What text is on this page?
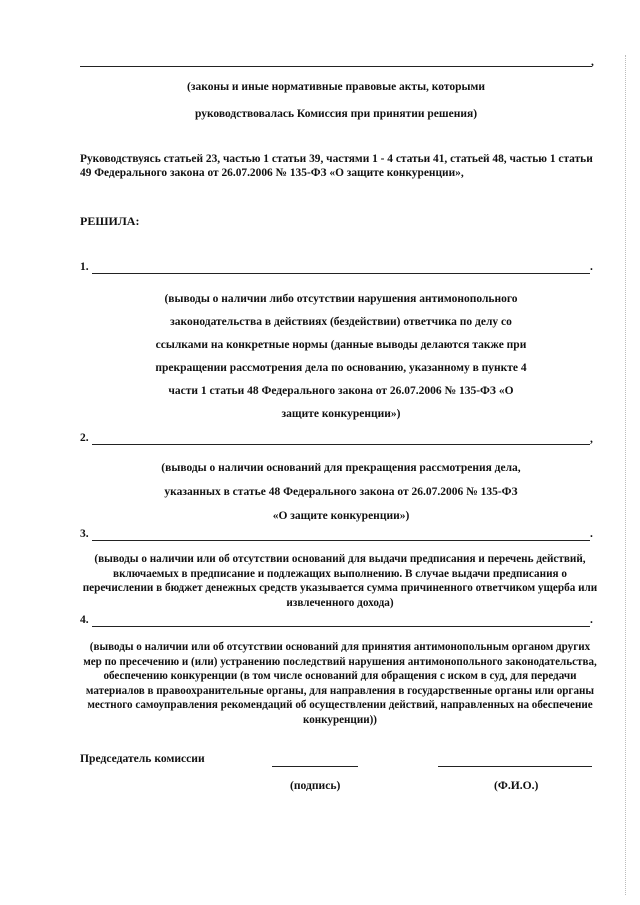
,
(законы и иные нормативные правовые акты, которыми
руководствовалась Комиссия при принятии решения)
Руководствуясь статьей 23, частью 1 статьи 39, частями 1 - 4 статьи 41, статьей 48, частью 1 статьи
49 Федерального закона от 26.07.2006 № 135-ФЗ «О защите конкуренции»,
РЕШИЛА:
1.	.
(выводы о наличии либо отсутствии нарушения антимонопольного
законодательства в действиях (бездействии) ответчика по делу со
ссылками на конкретные нормы (данные выводы делаются также при
прекращении рассмотрения дела по основанию, указанному в пункте 4
части 1 статьи 48 Федерального закона от 26.07.2006 № 135-ФЗ «О
защите конкуренции»)
2.	,
(выводы о наличии оснований для прекращения рассмотрения дела,
указанных в статье 48 Федерального закона от 26.07.2006 № 135-ФЗ
«О защите конкуренции»)
3.	.
(выводы о наличии или об отсутствии оснований для выдачи предписания и перечень действий,
включаемых в предписание и подлежащих выполнению. В случае выдачи предписания о
перечислении в бюджет денежных средств указывается сумма причиненного ответчиком ущерба или
извлеченного дохода)
4.	.
(выводы о наличии или об отсутствии оснований для принятия антимонопольным органом других
мер по пресечению и (или) устранению последствий нарушения антимонопольного законодательства,
обеспечению конкуренции (в том числе оснований для обращения с иском в суд, для передачи
материалов в правоохранительные органы, для направления в государственные органы или органы
местного самоуправления рекомендаций об осуществлении действий, направленных на обеспечение
конкуренции))
Председатель комиссии
(подпись)	(Ф.И.О.)
